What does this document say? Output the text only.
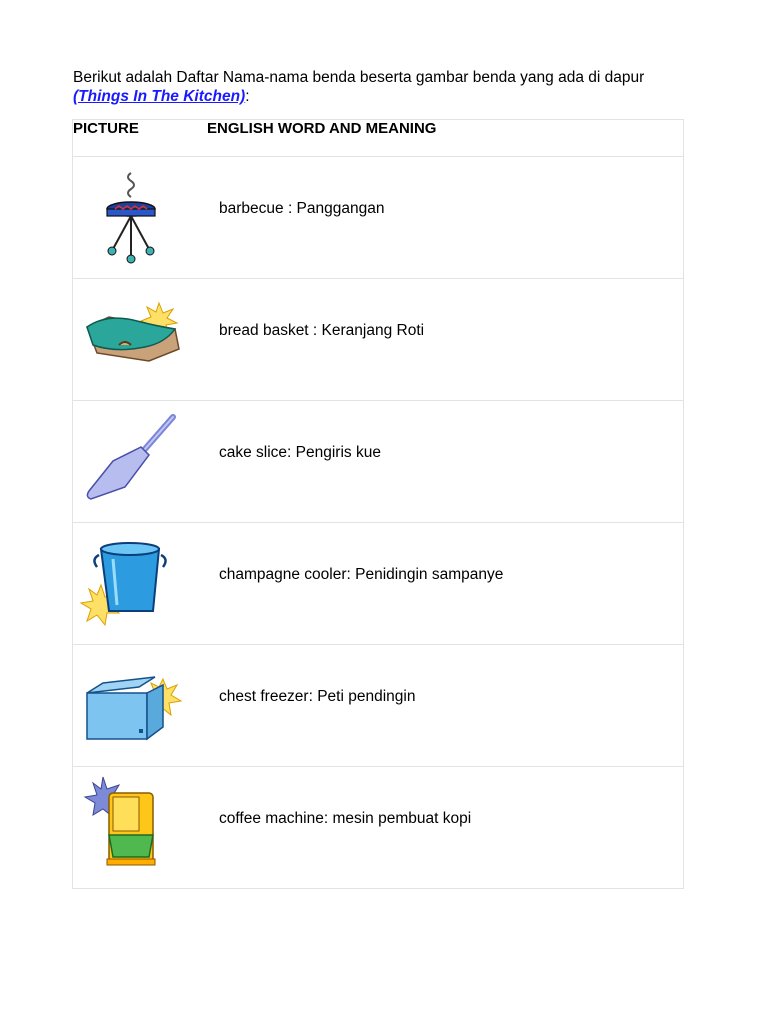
Berikut adalah Daftar Nama-nama benda beserta gambar benda yang ada di dapur (Things In The Kitchen):
PICTURE	ENGLISH WORD AND MEANING
barbecue : Panggangan
bread basket : Keranjang Roti
cake slice: Pengiris kue
champagne cooler: Penidingin sampanye
chest freezer: Peti pendingin
coffee machine: mesin pembuat kopi
